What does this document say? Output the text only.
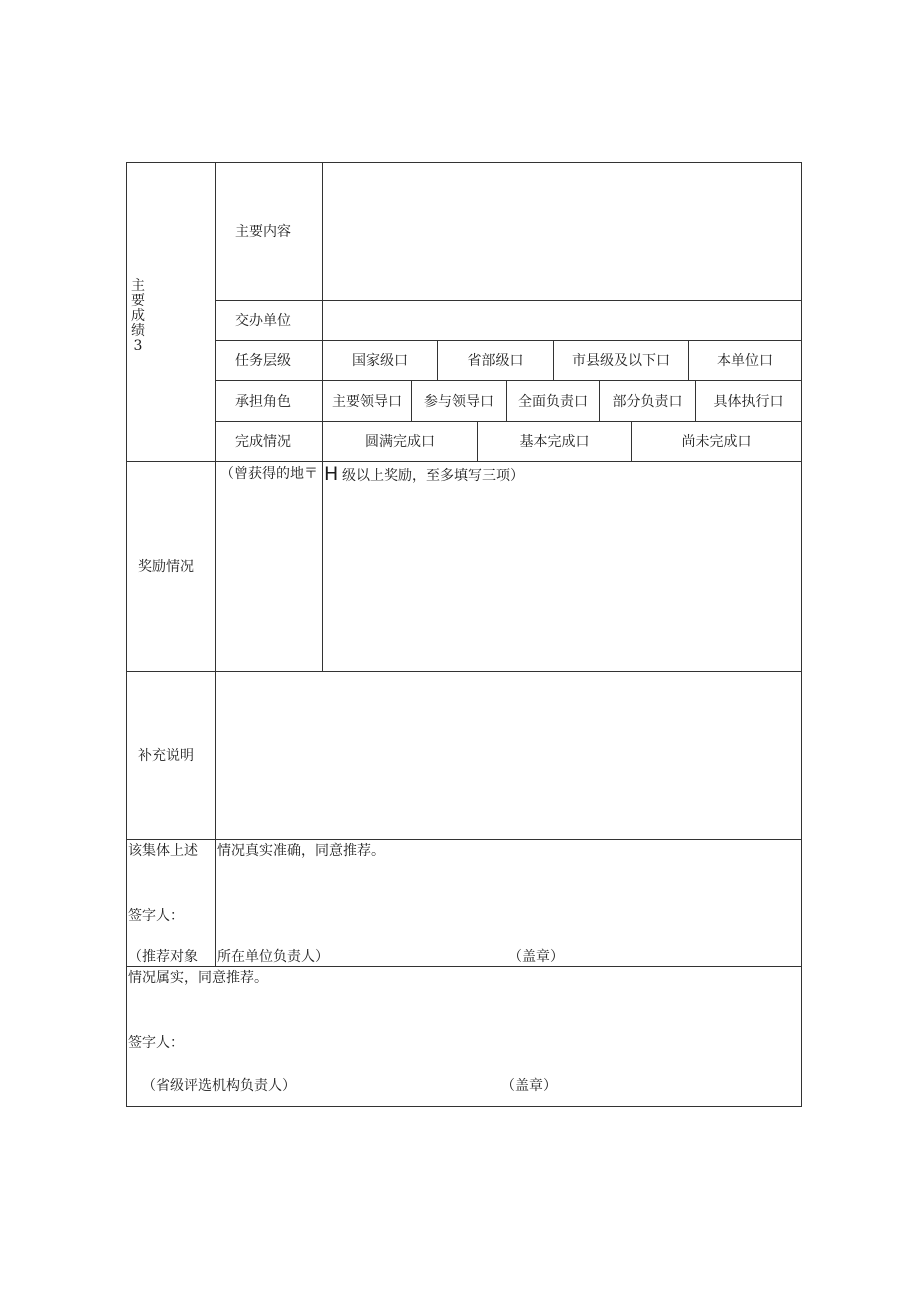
主要成绩3
主要内容
交办单位
任务层级	国家级口	省部级口	市县级及以下口	本单位口
承担角色	主要领导口	参与领导口	全面负责口	部分负责口	具体执行口
完成情况	圆满完成口	基本完成口	尚未完成口
奖励情况
（曾获得的地〒 H 级以上奖励，至多填写三项）
补充说明
该集体上述 情况真实准确，同意推荐。
签字人：
（推荐对象 所在单位负责人）	（盖章）
情况属实，同意推荐。
签字人：
（省级评选机构负责人）	（盖章）
